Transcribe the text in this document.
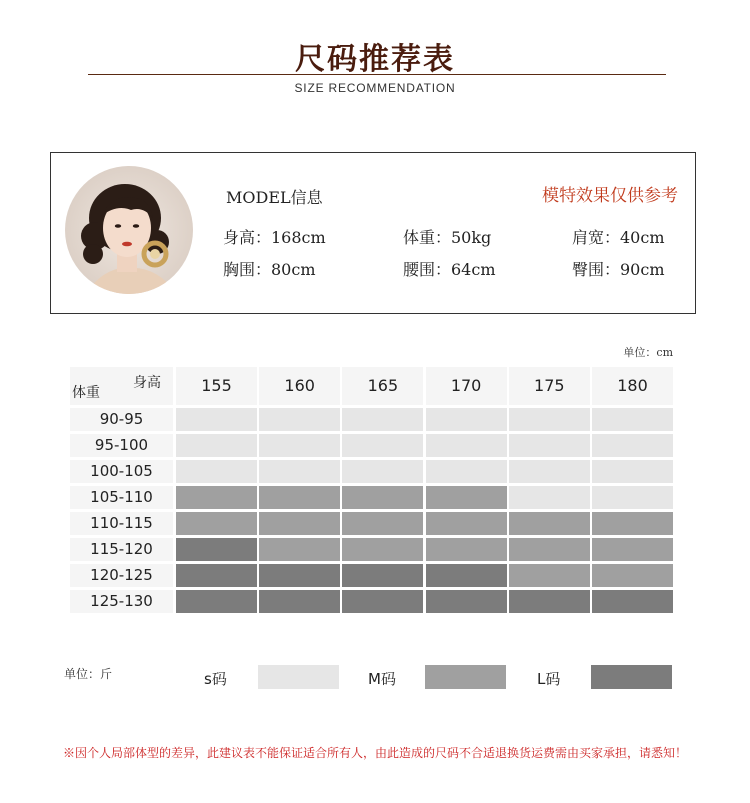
尺码推荐表
SIZE RECOMMENDATION
MODEL信息	模特效果仅供参考
身高：168cm	体重：50kg	肩宽：40cm
胸围：80cm	腰围：64cm	臀围：90cm
单位：cm
身高
体重	155	160	165	170	175	180
90-95
95-100
100-105
105-110
110-115
115-120
120-125
125-130
单位：斤	s码	M码	L码
※因个人局部体型的差异，此建议表不能保证适合所有人，由此造成的尺码不合适退换货运费需由买家承担，请悉知！
